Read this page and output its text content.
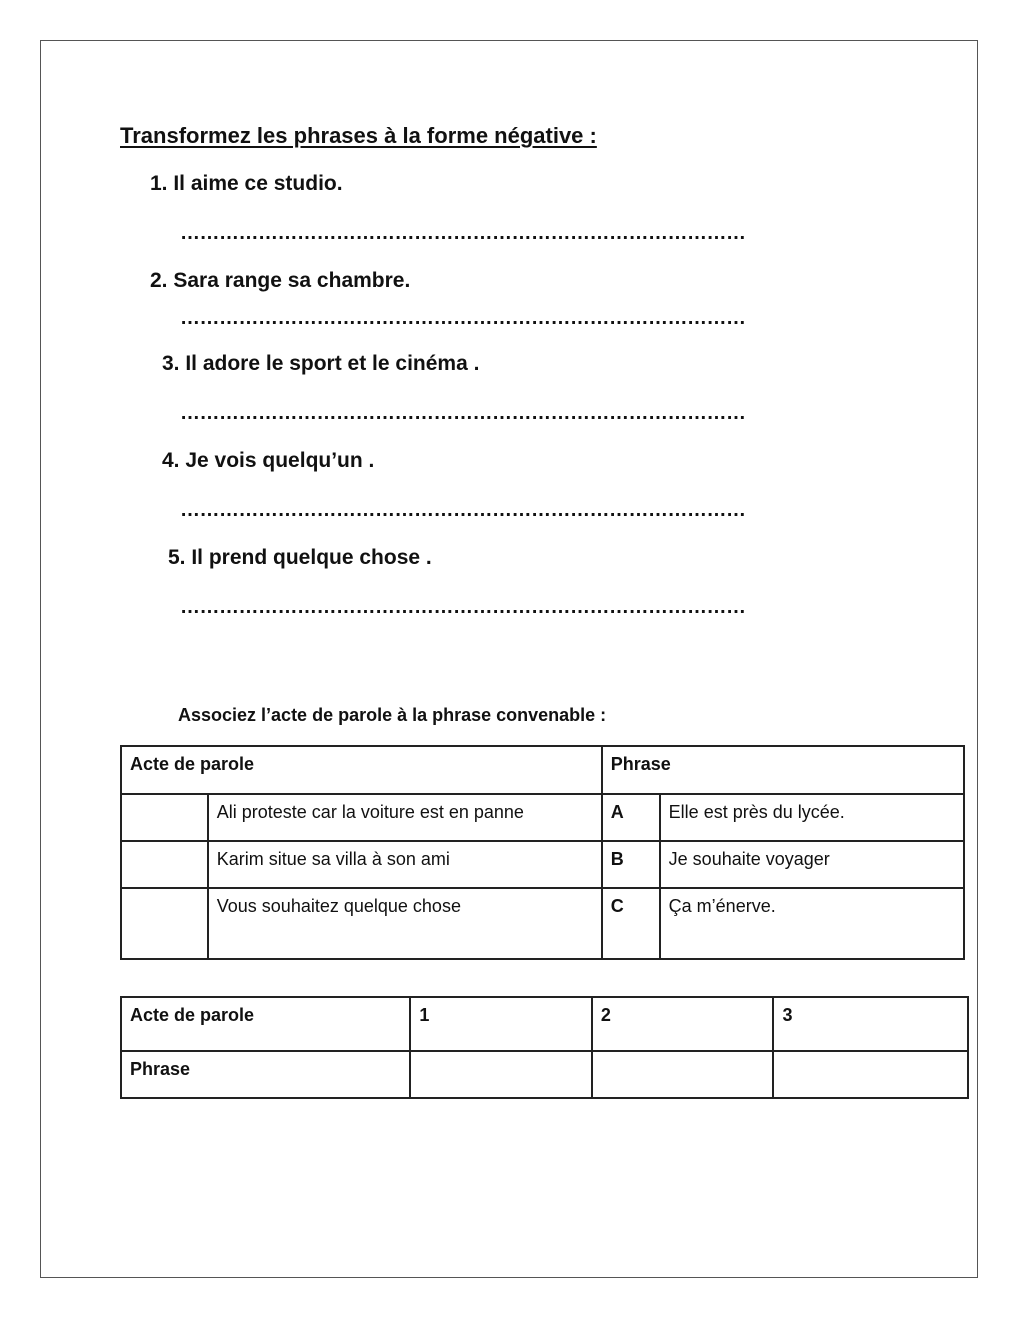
Transformez les phrases à la forme négative :
1. Il aime ce studio.
……………………………………………………………………………
2. Sara range sa chambre.
……………………………………………………………………………
3. Il adore le sport et le cinéma .
……………………………………………………………………………
4. Je vois quelqu’un .
……………………………………………………………………………
5. Il prend quelque chose .
……………………………………………………………………………
Associez l’acte de parole à la phrase convenable :
Acte de parole		Phrase	
	Ali proteste car la voiture est en panne	A	Elle est près du lycée.
	Karim situe sa villa à son ami	B	Je souhaite voyager
	Vous souhaitez quelque chose	C	Ça m’énerve.
Acte de parole	1	2	3
Phrase			
